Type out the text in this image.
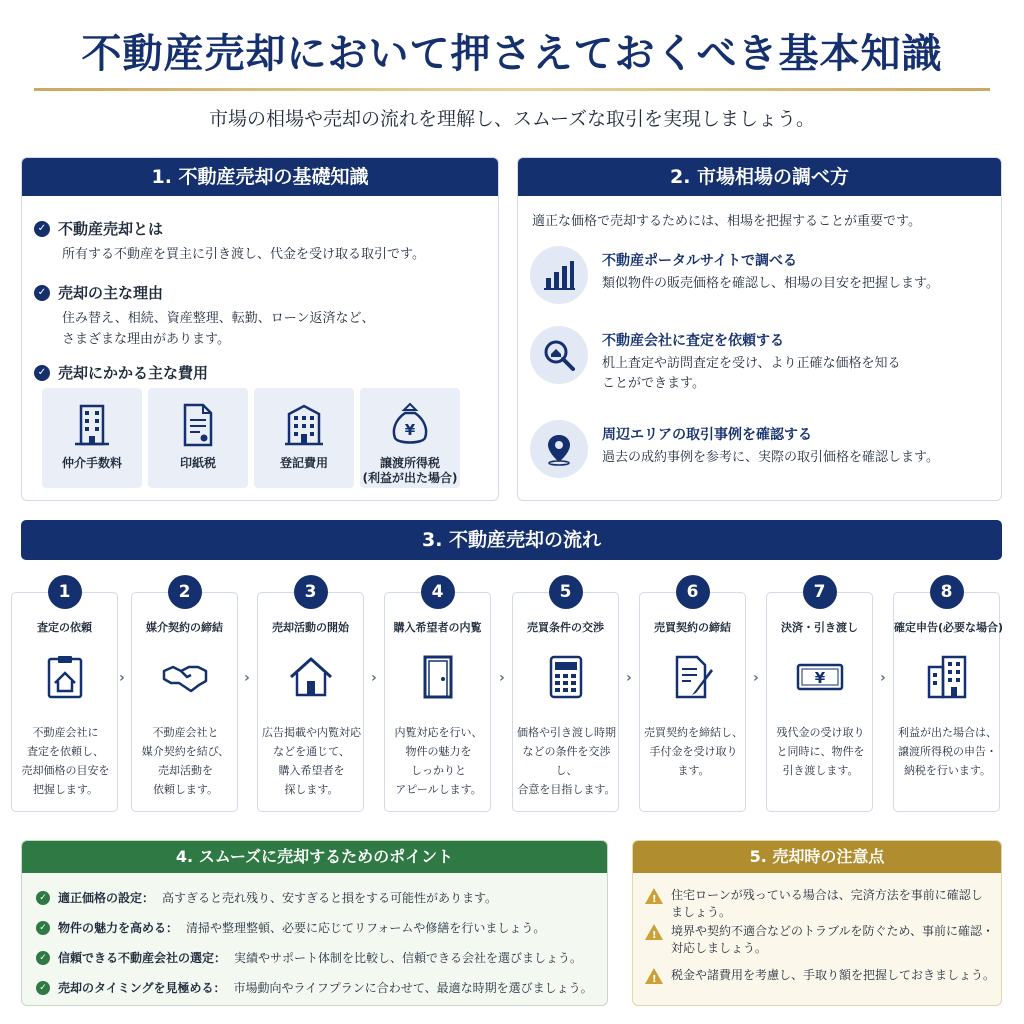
不動産売却において押さえておくべき基本知識
市場の相場や売却の流れを理解し、スムーズな取引を実現しましょう。
1. 不動産売却の基礎知識
✓ 不動産売却とは
所有する不動産を買主に引き渡し、代金を受け取る取引です。
✓ 売却の主な理由
住み替え、相続、資産整理、転勤、ローン返済など、
さまざまな理由があります。
✓ 売却にかかる主な費用
仲介手数料	印紙税	登記費用
¥
譲渡所得税
(利益が出た場合)
2. 市場相場の調べ方
適正な価格で売却するためには、相場を把握することが重要です。
不動産ポータルサイトで調べる
類似物件の販売価格を確認し、相場の目安を把握します。
不動産会社に査定を依頼する
机上査定や訪問査定を受け、より正確な価格を知る
ことができます。
周辺エリアの取引事例を確認する
過去の成約事例を参考に、実際の取引価格を確認します。
3. 不動産売却の流れ
1
査定の依頼
不動産会社に
査定を依頼し、
売却価格の目安を
把握します。
›
2
媒介契約の締結
不動産会社と
媒介契約を結び、
売却活動を
依頼します。
›
3
売却活動の開始
広告掲載や内覧対応
などを通じて、
購入希望者を
探します。
›
4
購入希望者の内覧
内覧対応を行い、
物件の魅力を
しっかりと
アピールします。
›
5
売買条件の交渉
価格や引き渡し時期
などの条件を交渉し、
合意を目指します。
›
6
売買契約の締結
売買契約を締結し、
手付金を受け取り
ます。
›
7
決済・引き渡し
¥
残代金の受け取り
と同時に、物件を
引き渡します。
›
8
確定申告(必要な場合)
利益が出た場合は、
譲渡所得税の申告・
納税を行います。
4. スムーズに売却するためのポイント
✓ 適正価格の設定： 高すぎると売れ残り、安すぎると損をする可能性があります。
✓ 物件の魅力を高める： 清掃や整理整頓、必要に応じてリフォームや修繕を行いましょう。
✓ 信頼できる不動産会社の選定： 実績やサポート体制を比較し、信頼できる会社を選びましょう。
✓ 売却のタイミングを見極める： 市場動向やライフプランに合わせて、最適な時期を選びましょう。
5. 売却時の注意点
! 住宅ローンが残っている場合は、完済方法を事前に確認し
ましょう。
! 境界や契約不適合などのトラブルを防ぐため、事前に確認・
対応しましょう。
! 税金や諸費用を考慮し、手取り額を把握しておきましょう。
